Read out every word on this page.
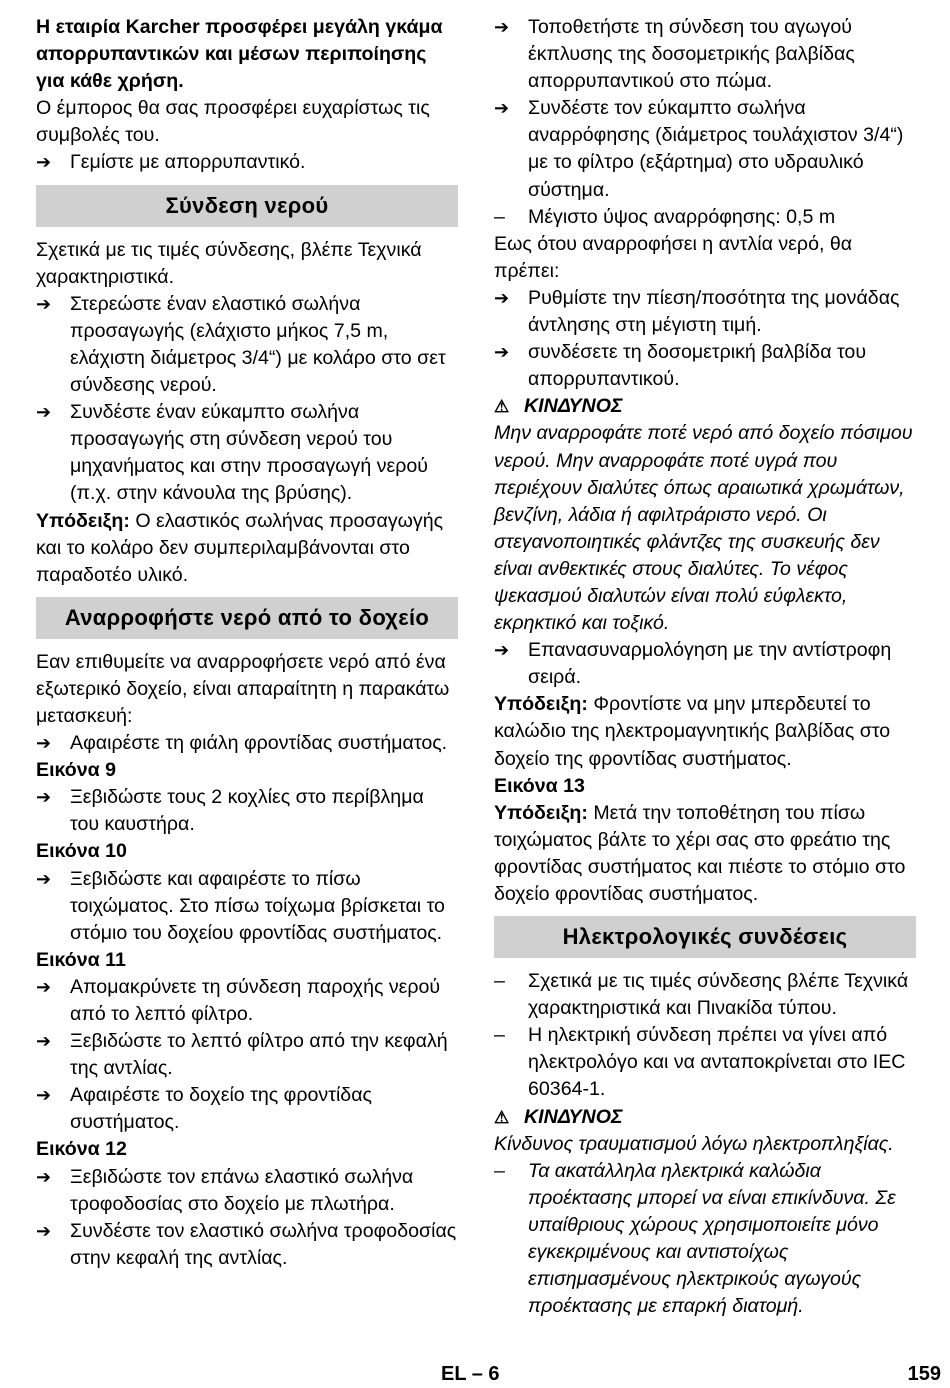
Η εταιρία Karcher προσφέρει μεγάλη γκάμα απορρυπαντικών και μέσων περιποίησης για κάθε χρήση.

Ο έμπορος θα σας προσφέρει ευχαρίστως τις συμβολές του.

➔ Γεμίστε με απορρυπαντικό.
Σύνδεση νερού

Σχετικά με τις τιμές σύνδεσης, βλέπε Τεχνικά χαρακτηριστικά.

➔ Στερεώστε έναν ελαστικό σωλήνα προσαγωγής (ελάχιστο μήκος 7,5 m, ελάχιστη διάμετρος 3/4“) με κολάρο στο σετ σύνδεσης νερού.
➔ Συνδέστε έναν εύκαμπτο σωλήνα προσαγωγής στη σύνδεση νερού του μηχανήματος και στην προσαγωγή νερού (π.χ. στην κάνουλα της βρύσης).

Υπόδειξη: Ο ελαστικός σωλήνας προσαγωγής και το κολάρο δεν συμπεριλαμβάνονται στο παραδοτέο υλικό.

Αναρροφήστε νερό από το δοχείο

Εαν επιθυμείτε να αναρροφήσετε νερό από ένα εξωτερικό δοχείο, είναι απαραίτητη η παρακάτω μετασκευή:

➔ Αφαιρέστε τη φιάλη φροντίδας συστήματος.

Εικόνα 9

➔ Ξεβιδώστε τους 2 κοχλίες στο περίβλημα του καυστήρα.

Εικόνα 10

➔ Ξεβιδώστε και αφαιρέστε το πίσω τοιχώματος. Στο πίσω τοίχωμα βρίσκεται το στόμιο του δοχείου φροντίδας συστήματος.

Εικόνα 11

➔ Απομακρύνετε τη σύνδεση παροχής νερού από το λεπτό φίλτρο.
➔ Ξεβιδώστε το λεπτό φίλτρο από την κεφαλή της αντλίας.
➔ Αφαιρέστε το δοχείο της φροντίδας συστήματος.

Εικόνα 12

➔ Ξεβιδώστε τον επάνω ελαστικό σωλήνα τροφοδοσίας στο δοχείο με πλωτήρα.
➔ Συνδέστε τον ελαστικό σωλήνα τροφοδοσίας στην κεφαλή της αντλίας.
➔ Τοποθετήστε τη σύνδεση του αγωγού έκπλυσης της δοσομετρικής βαλβίδας απορρυπαντικού στο πώμα.
➔ Συνδέστε τον εύκαμπτο σωλήνα αναρρόφησης (διάμετρος τουλάχιστον 3/4“) με το φίλτρο (εξάρτημα) στο υδραυλικό σύστημα.
–	Μέγιστο ύψος αναρρόφησης: 0,5 m

Εως ότου αναρροφήσει η αντλία νερό, θα πρέπει:

➔ Ρυθμίστε την πίεση/ποσότητα της μονάδας άντλησης στη μέγιστη τιμή.
➔ συνδέσετε τη δοσομετρική βαλβίδα του απορρυπαντικού.
⚠ ΚΙΝΔΥΝΟΣ

Μην αναρροφάτε ποτέ νερό από δοχείο πόσιμου νερού. Μην αναρροφάτε ποτέ υγρά που περιέχουν διαλύτες όπως αραιωτικά χρωμάτων, βενζίνη, λάδια ή αφιλτράριστο νερό. Οι στεγανοποιητικές φλάντζες της συσκευής δεν είναι ανθεκτικές στους διαλύτες. Το νέφος ψεκασμού διαλυτών είναι πολύ εύφλεκτο, εκρηκτικό και τοξικό.

➔ Επανασυναρμολόγηση με την αντίστροφη σειρά.

Υπόδειξη: Φροντίστε να μην μπερδευτεί το καλώδιο της ηλεκτρομαγνητικής βαλβίδας στο δοχείο της φροντίδας συστήματος.

Εικόνα 13

Υπόδειξη: Μετά την τοποθέτηση του πίσω τοιχώματος βάλτε το χέρι σας στο φρεάτιο της φροντίδας συστήματος και πιέστε το στόμιο στο δοχείο φροντίδας συστήματος.

Ηλεκτρολογικές συνδέσεις
–	Σχετικά με τις τιμές σύνδεσης βλέπε Τεχνικά χαρακτηριστικά και Πινακίδα τύπου.
–	Η ηλεκτρική σύνδεση πρέπει να γίνει από ηλεκτρολόγο και να ανταποκρίνεται στο IEC 60364-1.
⚠ ΚΙΝΔΥΝΟΣ

Κίνδυνος τραυματισμού λόγω ηλεκτροπληξίας.

–	Τα ακατάλληλα ηλεκτρικά καλώδια προέκτασης μπορεί να είναι επικίνδυνα. Σε υπαίθριους χώρους χρησιμοποιείτε μόνο εγκεκριμένους και αντιστοίχως επισημασμένους ηλεκτρικούς αγωγούς προέκτασης με επαρκή διατομή.
EL – 6	159
